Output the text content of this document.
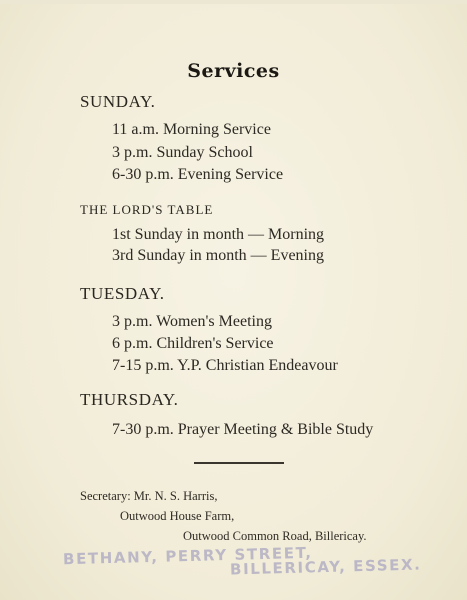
Services
SUNDAY.
11 a.m. Morning Service
3 p.m. Sunday School
6-30 p.m. Evening Service
THE LORD'S TABLE
1st Sunday in month — Morning
3rd Sunday in month — Evening
TUESDAY.
3 p.m. Women's Meeting
6 p.m. Children's Service
7-15 p.m. Y.P. Christian Endeavour
THURSDAY.
7-30 p.m. Prayer Meeting & Bible Study
Secretary: Mr. N. S. Harris,
Outwood House Farm,
Outwood Common Road, Billericay.
BETHANY, PERRY STREET,
BILLERICAY, ESSEX.
